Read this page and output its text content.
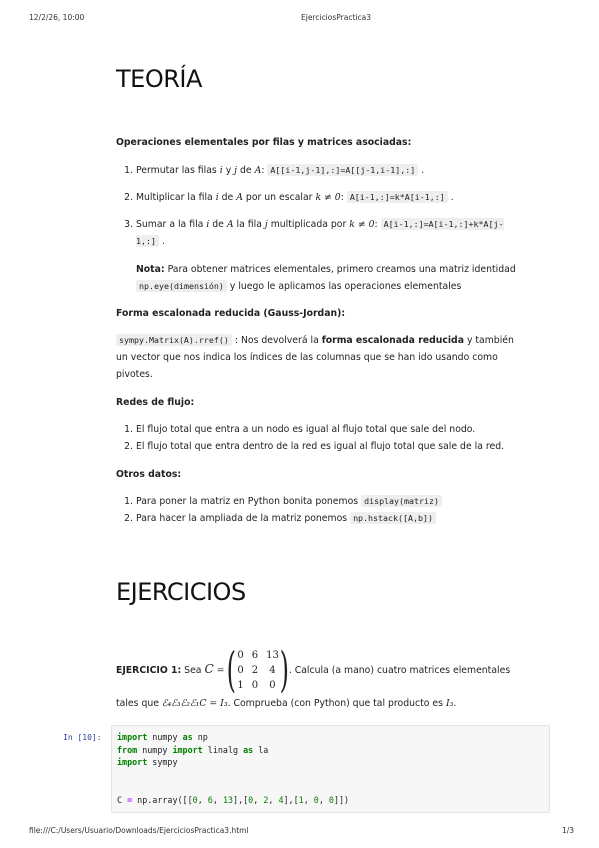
12/2/26, 10:00	EjerciciosPractica3
file:///C:/Users/Usuario/Downloads/EjerciciosPractica3.html	1/3
TEORÍA
Operaciones elementales por filas y matrices asociadas:
1. Permutar las filas i y j de A: A[[i-1,j-1],:]=A[[j-1,i-1],:] .
2. Multiplicar la fila i de A por un escalar k ≠ 0: A[i-1,:]=k*A[i-1,:] .
3. Sumar a la fila i de A la fila j multiplicada por k ≠ 0: A[i-1,:]=A[i-1,:]+k*A[j-1,:] .
Nota: Para obtener matrices elementales, primero creamos una matriz identidad np.eye(dimensión) y luego le aplicamos las operaciones elementales
Forma escalonada reducida (Gauss-Jordan):
sympy.Matrix(A).rref() : Nos devolverá la forma escalonada reducida y también un vector que nos indica los índices de las columnas que se han ido usando como pivotes.
Redes de flujo:
1. El flujo total que entra a un nodo es igual al flujo total que sale del nodo.
2. El flujo total que entra dentro de la red es igual al flujo total que sale de la red.
Otros datos:
1. Para poner la matriz en Python bonita ponemos display(matriz)
2. Para hacer la ampliada de la matriz ponemos np.hstack([A,b])
EJERCICIOS
EJERCICIO 1: Sea C = ( 0	6	13
0	2	4
1	0	0 ) . Calcula (a mano) cuatro matrices elementales
tales que ℰ₄ℰ₃ℰ₂ℰ₁C = I₃. Comprueba (con Python) que tal producto es I₃.
In [10]: import numpy as np
from numpy import linalg as la
import sympy
C = np.array([[0, 6, 13],[0, 2, 4],[1, 0, 0]])
